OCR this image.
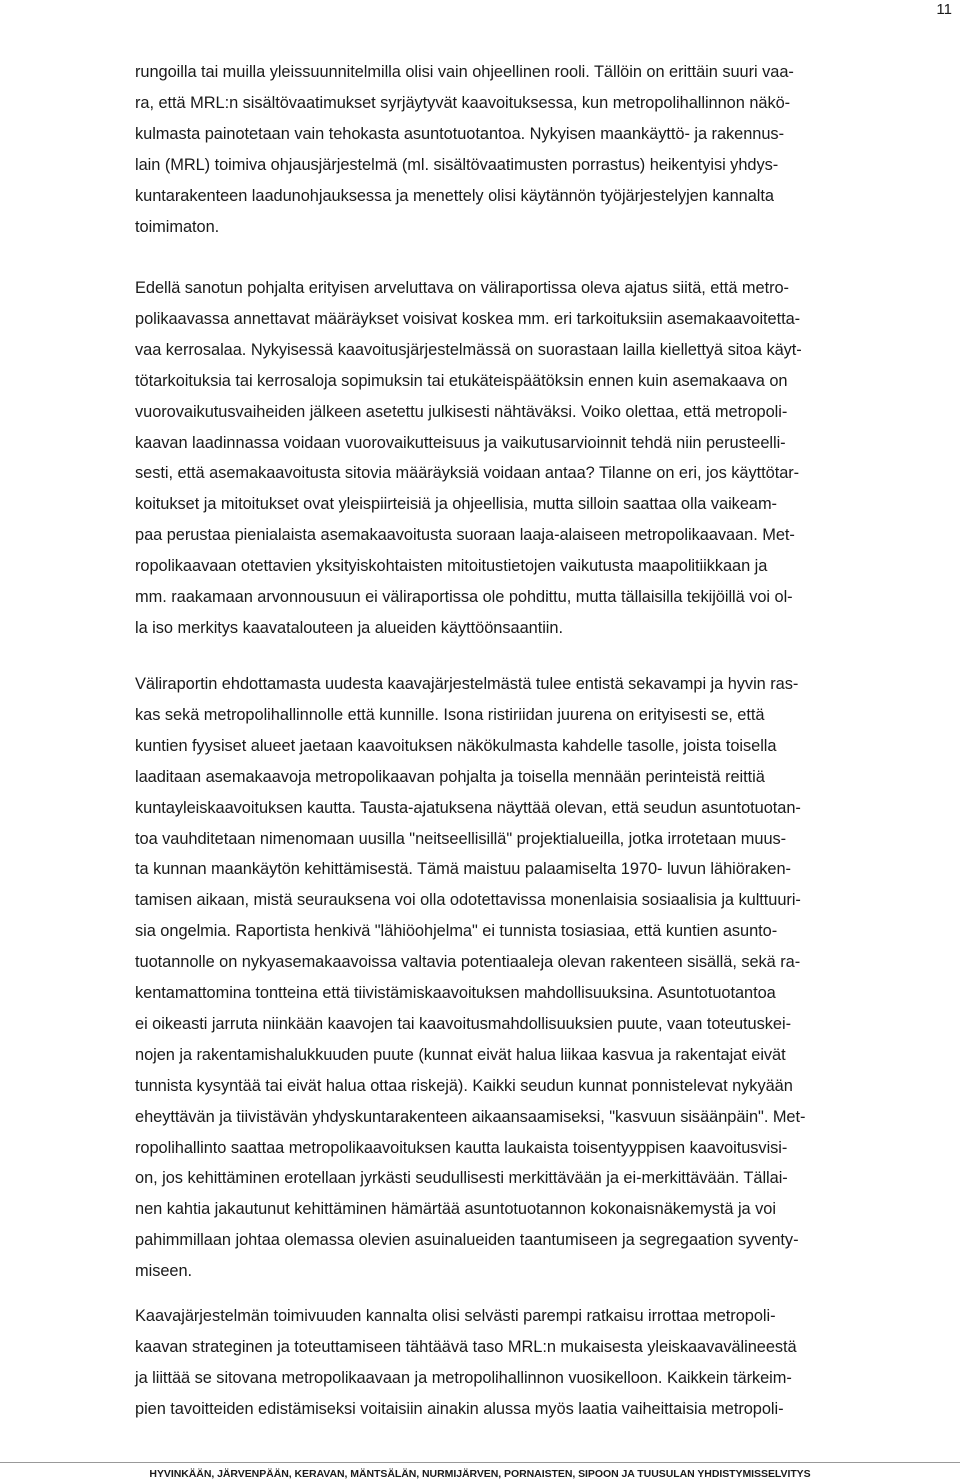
11
rungoilla tai muilla yleissuunnitelmilla olisi vain ohjeellinen rooli. Tällöin on erittäin suuri vaa-
ra, että MRL:n sisältövaatimukset syrjäytyvät kaavoituksessa, kun metropolihallinnon näkö-
kulmasta painotetaan vain tehokasta asuntotuotantoa. Nykyisen maankäyttö- ja rakennus-
lain (MRL) toimiva ohjausjärjestelmä (ml. sisältövaatimusten porrastus) heikentyisi yhdys-
kuntarakenteen laadunohjauksessa ja menettely olisi käytännön työjärjestelyjen kannalta
toimimaton.
Edellä sanotun pohjalta erityisen arveluttava on väliraportissa oleva ajatus siitä, että metro-
polikaavassa annettavat määräykset voisivat koskea mm. eri tarkoituksiin asemakaavoitetta-
vaa kerrosalaa. Nykyisessä kaavoitusjärjestelmässä on suorastaan lailla kiellettyä sitoa käyt-
tötarkoituksia tai kerrosaloja sopimuksin tai etukäteispäätöksin ennen kuin asemakaava on
vuorovaikutusvaiheiden jälkeen asetettu julkisesti nähtäväksi. Voiko olettaa, että metropoli-
kaavan laadinnassa voidaan vuorovaikutteisuus ja vaikutusarvioinnit tehdä niin perusteelli-
sesti, että asemakaavoitusta sitovia määräyksiä voidaan antaa? Tilanne on eri, jos käyttötar-
koitukset ja mitoitukset ovat yleispiirteisiä ja ohjeellisia, mutta silloin saattaa olla vaikeam-
paa perustaa pienialaista asemakaavoitusta suoraan laaja-alaiseen metropolikaavaan. Met-
ropolikaavaan otettavien yksityiskohtaisten mitoitustietojen vaikutusta maapolitiikkaan ja
mm. raakamaan arvonnousuun ei väliraportissa ole pohdittu, mutta tällaisilla tekijöillä voi ol-
la iso merkitys kaavatalouteen ja alueiden käyttöönsaantiin.
Väliraportin ehdottamasta uudesta kaavajärjestelmästä tulee entistä sekavampi ja hyvin ras-
kas sekä metropolihallinnolle että kunnille. Isona ristiriidan juurena on erityisesti se, että
kuntien fyysiset alueet jaetaan kaavoituksen näkökulmasta kahdelle tasolle, joista toisella
laaditaan asemakaavoja metropolikaavan pohjalta ja toisella mennään perinteistä reittiä
kuntayleiskaavoituksen kautta. Tausta-ajatuksena näyttää olevan, että seudun asuntotuotan-
toa vauhditetaan nimenomaan uusilla "neitseellisillä" projektialueilla, jotka irrotetaan muus-
ta kunnan maankäytön kehittämisestä. Tämä maistuu palaamiselta 1970- luvun lähiöraken-
tamisen aikaan, mistä seurauksena voi olla odotettavissa monenlaisia sosiaalisia ja kulttuuri-
sia ongelmia. Raportista henkivä "lähiöohjelma" ei tunnista tosiasiaa, että kuntien asunto-
tuotannolle on nykyasemakaavoissa valtavia potentiaaleja olevan rakenteen sisällä, sekä ra-
kentamattomina tontteina että tiivistämiskaavoituksen mahdollisuuksina. Asuntotuotantoa
ei oikeasti jarruta niinkään kaavojen tai kaavoitusmahdollisuuksien puute, vaan toteutuskei-
nojen ja rakentamishalukkuuden puute (kunnat eivät halua liikaa kasvua ja rakentajat eivät
tunnista kysyntää tai eivät halua ottaa riskejä). Kaikki seudun kunnat ponnistelevat nykyään
eheyttävän ja tiivistävän yhdyskuntarakenteen aikaansaamiseksi, "kasvuun sisäänpäin". Met-
ropolihallinto saattaa metropolikaavoituksen kautta laukaista toisentyyppisen kaavoitusvisi-
on, jos kehittäminen erotellaan jyrkästi seudullisesti merkittävään ja ei-merkittävään. Tällai-
nen kahtia jakautunut kehittäminen hämärtää asuntotuotannon kokonaisnäkemystä ja voi
pahimmillaan johtaa olemassa olevien asuinalueiden taantumiseen ja segregaation syventy-
miseen.
Kaavajärjestelmän toimivuuden kannalta olisi selvästi parempi ratkaisu irrottaa metropoli-
kaavan strateginen ja toteuttamiseen tähtäävä taso MRL:n mukaisesta yleiskaavavälineestä
ja liittää se sitovana metropolikaavaan ja metropolihallinnon vuosikelloon. Kaikkein tärkeim-
pien tavoitteiden edistämiseksi voitaisiin ainakin alussa myös laatia vaiheittaisia metropoli-
HYVINKÄÄN, JÄRVENPÄÄN, KERAVAN, MÄNTSÄLÄN, NURMIJÄRVEN, PORNAISTEN, SIPOON JA TUUSULAN YHDISTYMISSELVITYS
